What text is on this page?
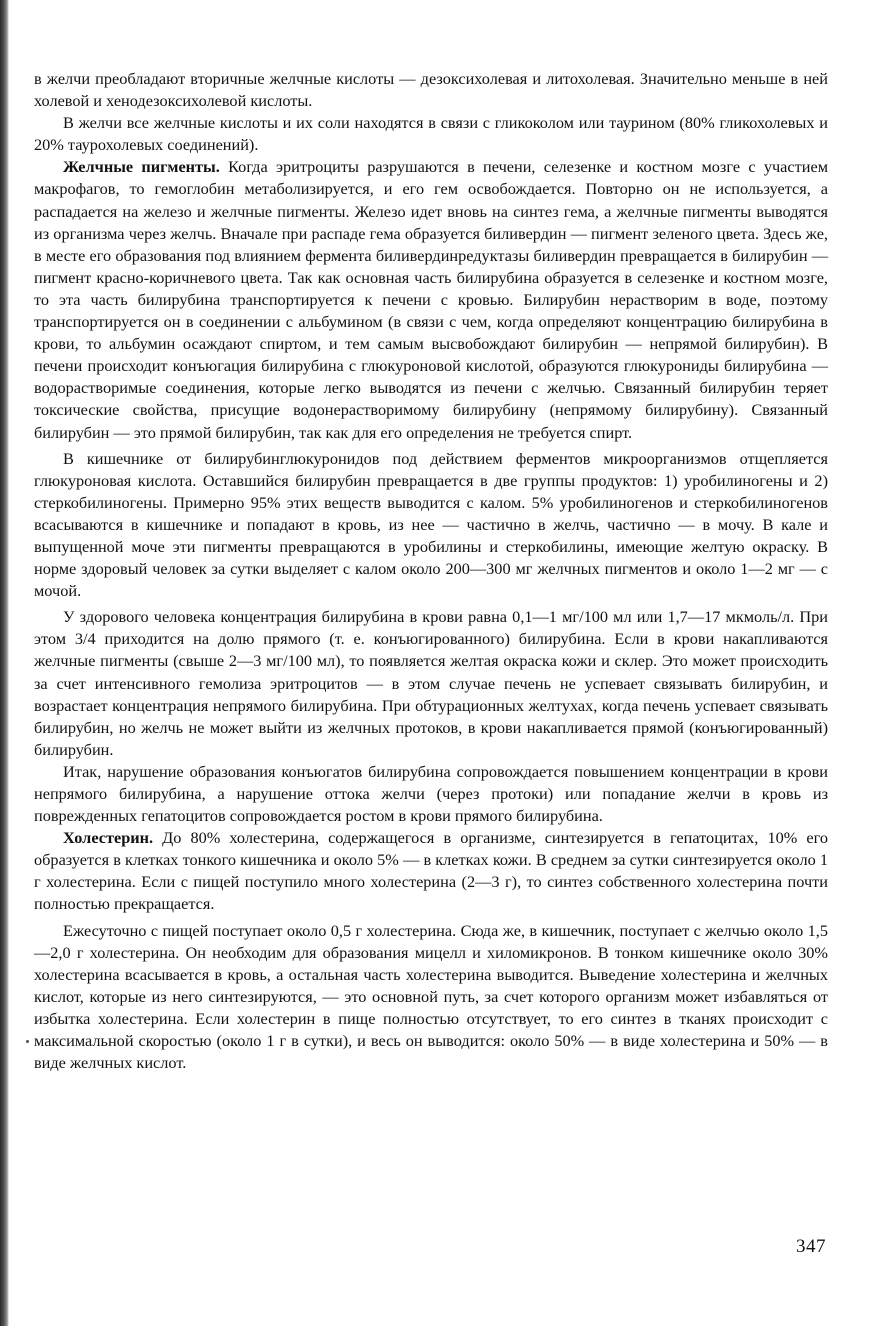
в желчи преобладают вторичные желчные кислоты — дезоксихолевая и литохолевая. Значительно меньше в ней холевой и хенодезоксихолевой кислоты.

В желчи все желчные кислоты и их соли находятся в связи с гликоколом или таурином (80% гликохолевых и 20% таурохолевых соединений).

Желчные пигменты. Когда эритроциты разрушаются в печени, селезенке и костном мозге с участием макрофагов, то гемоглобин метаболизируется, и его гем освобождается. Повторно он не используется, а распадается на железо и желчные пигменты. Железо идет вновь на синтез гема, а желчные пигменты выводятся из организма через желчь. Вначале при распаде гема образуется биливердин — пигмент зеленого цвета. Здесь же, в месте его образования под влиянием фермента биливердинредуктазы биливердин превращается в билирубин — пигмент красно-коричневого цвета. Так как основная часть билирубина образуется в селезенке и костном мозге, то эта часть билирубина транспортируется к печени с кровью. Билирубин нерастворим в воде, поэтому транспортируется он в соединении с альбумином (в связи с чем, когда определяют концентрацию билирубина в крови, то альбумин осаждают спиртом, и тем самым высвобождают билирубин — непрямой билирубин). В печени происходит конъюгация билирубина с глюкуроновой кислотой, образуются глюкурониды билирубина — водорастворимые соединения, которые легко выводятся из печени с желчью. Связанный билирубин теряет токсические свойства, присущие водонерастворимому билирубину (непрямому билирубину). Связанный билирубин — это прямой билирубин, так как для его определения не требуется спирт.

В кишечнике от билирубинглюкуронидов под действием ферментов микроорганизмов отщепляется глюкуроновая кислота. Оставшийся билирубин превращается в две группы продуктов: 1) уробилиногены и 2) стеркобилиногены. Примерно 95% этих веществ выводится с калом. 5% уробилиногенов и стеркобилиногенов всасываются в кишечнике и попадают в кровь, из нее — частично в желчь, частично — в мочу. В кале и выпущенной моче эти пигменты превращаются в уробилины и стеркобилины, имеющие желтую окраску. В норме здоровый человек за сутки выделяет с калом около 200—300 мг желчных пигментов и около 1—2 мг — с мочой.

У здорового человека концентрация билирубина в крови равна 0,1—1 мг/100 мл или 1,7—17 мкмоль/л. При этом 3/4 приходится на долю прямого (т. е. конъюгированного) билирубина. Если в крови накапливаются желчные пигменты (свыше 2—3 мг/100 мл), то появляется желтая окраска кожи и склер. Это может происходить за счет интенсивного гемолиза эритроцитов — в этом случае печень не успевает связывать билирубин, и возрастает концентрация непрямого билирубина. При обтурационных желтухах, когда печень успевает связывать билирубин, но желчь не может выйти из желчных протоков, в крови накапливается прямой (конъюгированный) билирубин.

Итак, нарушение образования конъюгатов билирубина сопровождается повышением концентрации в крови непрямого билирубина, а нарушение оттока желчи (через протоки) или попадание желчи в кровь из поврежденных гепатоцитов сопровождается ростом в крови прямого билирубина.

Холестерин. До 80% холестерина, содержащегося в организме, синтезируется в гепатоцитах, 10% его образуется в клетках тонкого кишечника и около 5% — в клетках кожи. В среднем за сутки синтезируется около 1 г холестерина. Если с пищей поступило много холестерина (2—3 г), то синтез собственного холестерина почти полностью прекращается.

Ежесуточно с пищей поступает около 0,5 г холестерина. Сюда же, в кишечник, поступает с желчью около 1,5—2,0 г холестерина. Он необходим для образования мицелл и хиломикронов. В тонком кишечнике около 30% холестерина всасывается в кровь, а остальная часть холестерина выводится. Выведение холестерина и желчных кислот, которые из него синтезируются, — это основной путь, за счет которого организм может избавляться от избытка холестерина. Если холестерин в пище полностью отсутствует, то его синтез в тканях происходит с максимальной скоростью (около 1 г в сутки), и весь он выводится: около 50% — в виде холестерина и 50% — в виде желчных кислот.

347
